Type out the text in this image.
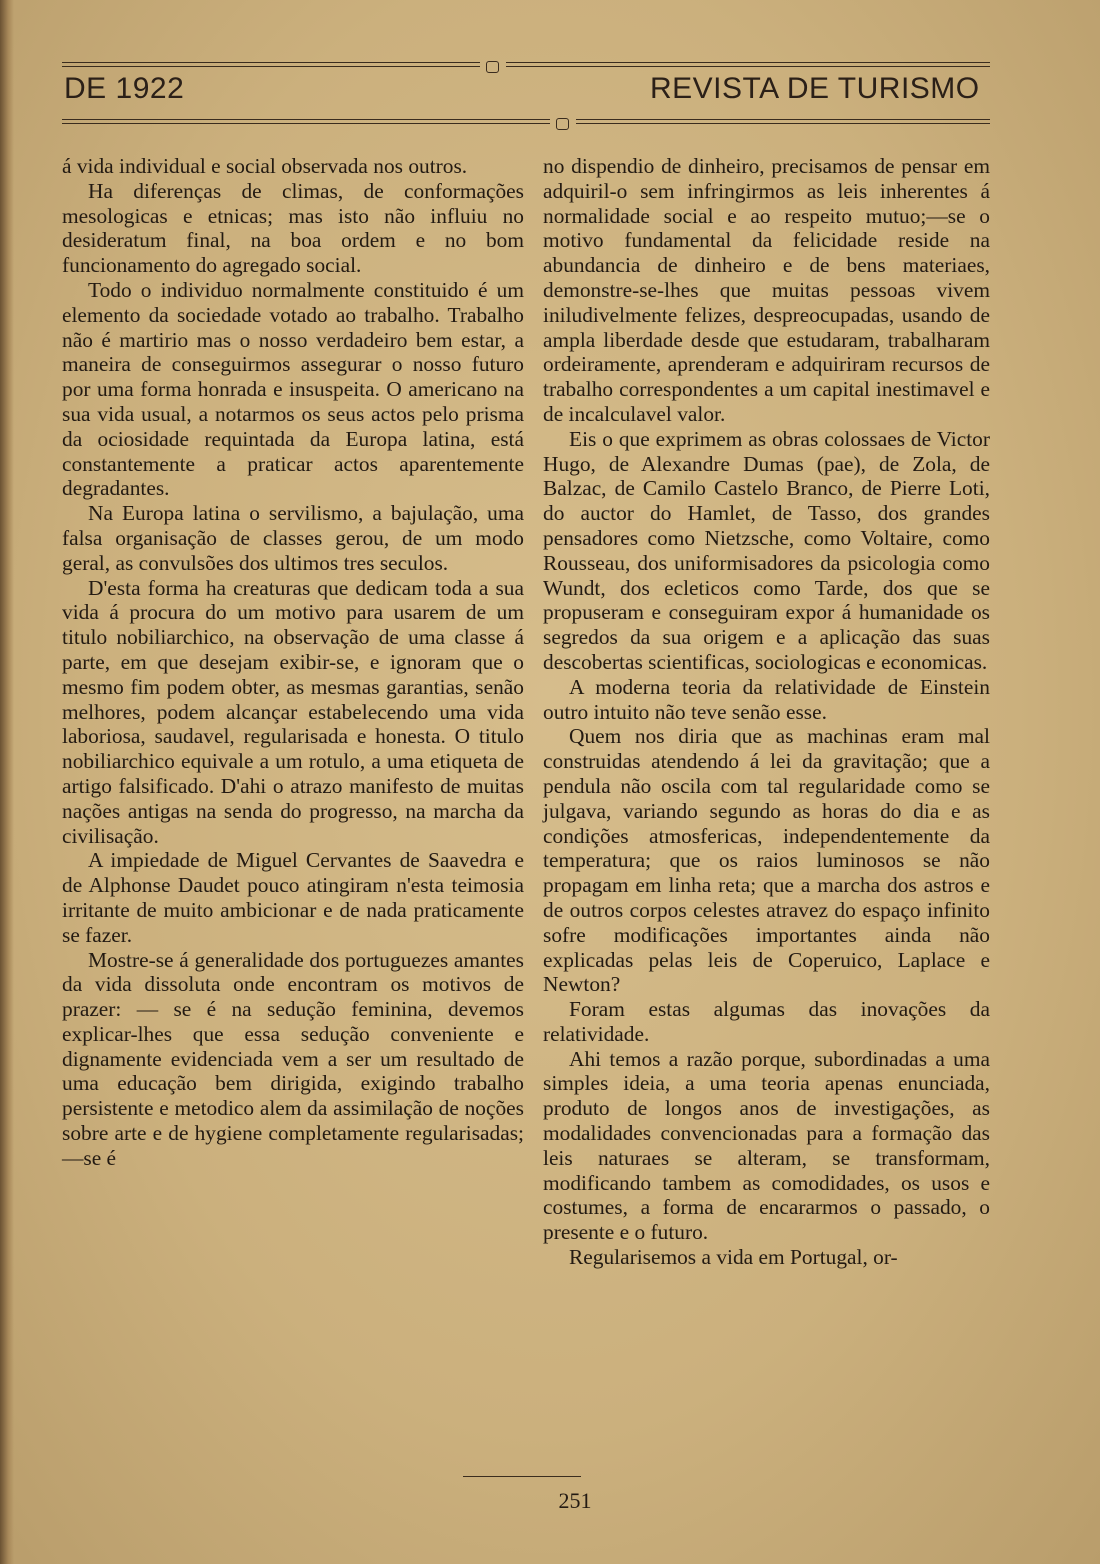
DE 1922	REVISTA DE TURISMO

á vida individual e social observada nos outros.

Ha diferenças de climas, de conformações mesologicas e etnicas; mas isto não influiu no desideratum final, na boa ordem e no bom funcionamento do agregado social.

Todo o individuo normalmente constituido é um elemento da sociedade votado ao trabalho. Trabalho não é martirio mas o nosso verdadeiro bem estar, a maneira de conseguirmos assegurar o nosso futuro por uma forma honrada e insuspeita. O americano na sua vida usual, a notarmos os seus actos pelo prisma da ociosidade requintada da Europa latina, está constantemente a praticar actos aparentemente degradantes.

Na Europa latina o servilismo, a bajulação, uma falsa organisação de classes gerou, de um modo geral, as convulsões dos ultimos tres seculos.

D'esta forma ha creaturas que dedicam toda a sua vida á procura do um motivo para usarem de um titulo nobiliarchico, na observação de uma classe á parte, em que desejam exibir-se, e ignoram que o mesmo fim podem obter, as mesmas garantias, senão melhores, podem alcançar estabelecendo uma vida laboriosa, saudavel, regularisada e honesta. O titulo nobiliarchico equivale a um rotulo, a uma etiqueta de artigo falsificado. D'ahi o atrazo manifesto de muitas nações antigas na senda do progresso, na marcha da civilisação.

A impiedade de Miguel Cervantes de Saavedra e de Alphonse Daudet pouco atingiram n'esta teimosia irritante de muito ambicionar e de nada praticamente se fazer.

Mostre-se á generalidade dos portuguezes amantes da vida dissoluta onde encontram os motivos de prazer: — se é na sedução feminina, devemos explicar-lhes que essa sedução conveniente e dignamente evidenciada vem a ser um resultado de uma educação bem dirigida, exigindo trabalho persistente e metodico alem da assimilação de noções sobre arte e de hygiene completamente regularisadas;—se é

no dispendio de dinheiro, precisamos de pensar em adquiril-o sem infringirmos as leis inherentes á normalidade social e ao respeito mutuo;—se o motivo fundamental da felicidade reside na abundancia de dinheiro e de bens materiaes, demonstre-se-lhes que muitas pessoas vivem iniludivelmente felizes, despreocupadas, usando de ampla liberdade desde que estudaram, trabalharam ordeiramente, aprenderam e adquiriram recursos de trabalho correspondentes a um capital inestimavel e de incalculavel valor.

Eis o que exprimem as obras colossaes de Victor Hugo, de Alexandre Dumas (pae), de Zola, de Balzac, de Camilo Castelo Branco, de Pierre Loti, do auctor do Hamlet, de Tasso, dos grandes pensadores como Nietzsche, como Voltaire, como Rousseau, dos uniformisadores da psicologia como Wundt, dos ecleticos como Tarde, dos que se propuseram e conseguiram expor á humanidade os segredos da sua origem e a aplicação das suas descobertas scientificas, sociologicas e economicas.

A moderna teoria da relatividade de Einstein outro intuito não teve senão esse.

Quem nos diria que as machinas eram mal construidas atendendo á lei da gravitação; que a pendula não oscila com tal regularidade como se julgava, variando segundo as horas do dia e as condições atmosfericas, independentemente da temperatura; que os raios luminosos se não propagam em linha reta; que a marcha dos astros e de outros corpos celestes atravez do espaço infinito sofre modificações importantes ainda não explicadas pelas leis de Coperuico, Laplace e Newton?

Foram estas algumas das inovações da relatividade.

Ahi temos a razão porque, subordinadas a uma simples ideia, a uma teoria apenas enunciada, produto de longos anos de investigações, as modalidades convencionadas para a formação das leis naturaes se alteram, se transformam, modificando tambem as comodidades, os usos e costumes, a forma de encararmos o passado, o presente e o futuro.

Regularisemos a vida em Portugal, or-

251
